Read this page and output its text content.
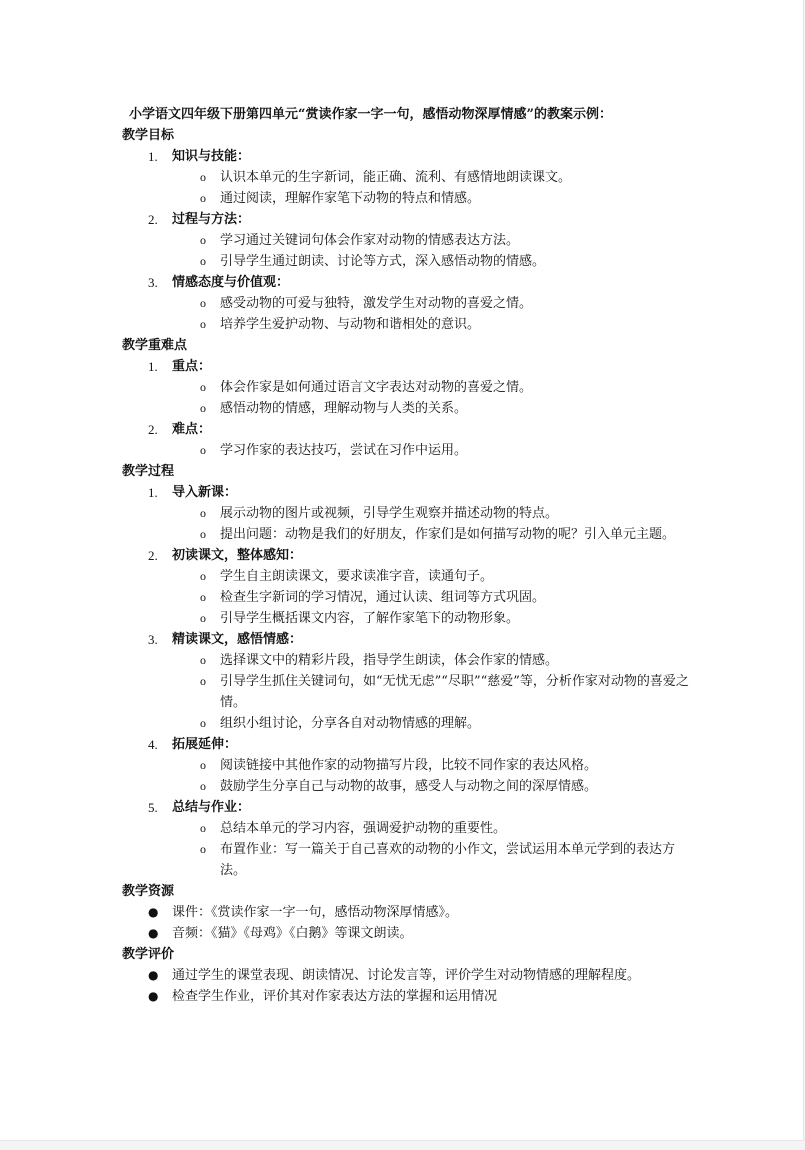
小学语文四年级下册第四单元“赏读作家一字一句，感悟动物深厚情感”的教案示例：
教学目标
1. 知识与技能：
o 认识本单元的生字新词，能正确、流利、有感情地朗读课文。
o 通过阅读，理解作家笔下动物的特点和情感。
2. 过程与方法：
o 学习通过关键词句体会作家对动物的情感表达方法。
o 引导学生通过朗读、讨论等方式，深入感悟动物的情感。
3. 情感态度与价值观：
o 感受动物的可爱与独特，激发学生对动物的喜爱之情。
o 培养学生爱护动物、与动物和谐相处的意识。
教学重难点
1. 重点：
o 体会作家是如何通过语言文字表达对动物的喜爱之情。
o 感悟动物的情感，理解动物与人类的关系。
2. 难点：
o 学习作家的表达技巧，尝试在习作中运用。
教学过程
1. 导入新课：
o 展示动物的图片或视频，引导学生观察并描述动物的特点。
o 提出问题：动物是我们的好朋友，作家们是如何描写动物的呢？引入单元主题。
2. 初读课文，整体感知：
o 学生自主朗读课文，要求读准字音，读通句子。
o 检查生字新词的学习情况，通过认读、组词等方式巩固。
o 引导学生概括课文内容，了解作家笔下的动物形象。
3. 精读课文，感悟情感：
o 选择课文中的精彩片段，指导学生朗读，体会作家的情感。
o 引导学生抓住关键词句，如“无忧无虑”“尽职”“慈爱”等，分析作家对动物的喜爱之情。
o 组织小组讨论，分享各自对动物情感的理解。
4. 拓展延伸：
o 阅读链接中其他作家的动物描写片段，比较不同作家的表达风格。
o 鼓励学生分享自己与动物的故事，感受人与动物之间的深厚情感。
5. 总结与作业：
o 总结本单元的学习内容，强调爱护动物的重要性。
o 布置作业：写一篇关于自己喜欢的动物的小作文，尝试运用本单元学到的表达方法。
教学资源
● 课件：《赏读作家一字一句，感悟动物深厚情感》。
● 音频：《猫》《母鸡》《白鹅》等课文朗读。
教学评价
● 通过学生的课堂表现、朗读情况、讨论发言等，评价学生对动物情感的理解程度。
● 检查学生作业，评价其对作家表达方法的掌握和运用情况
